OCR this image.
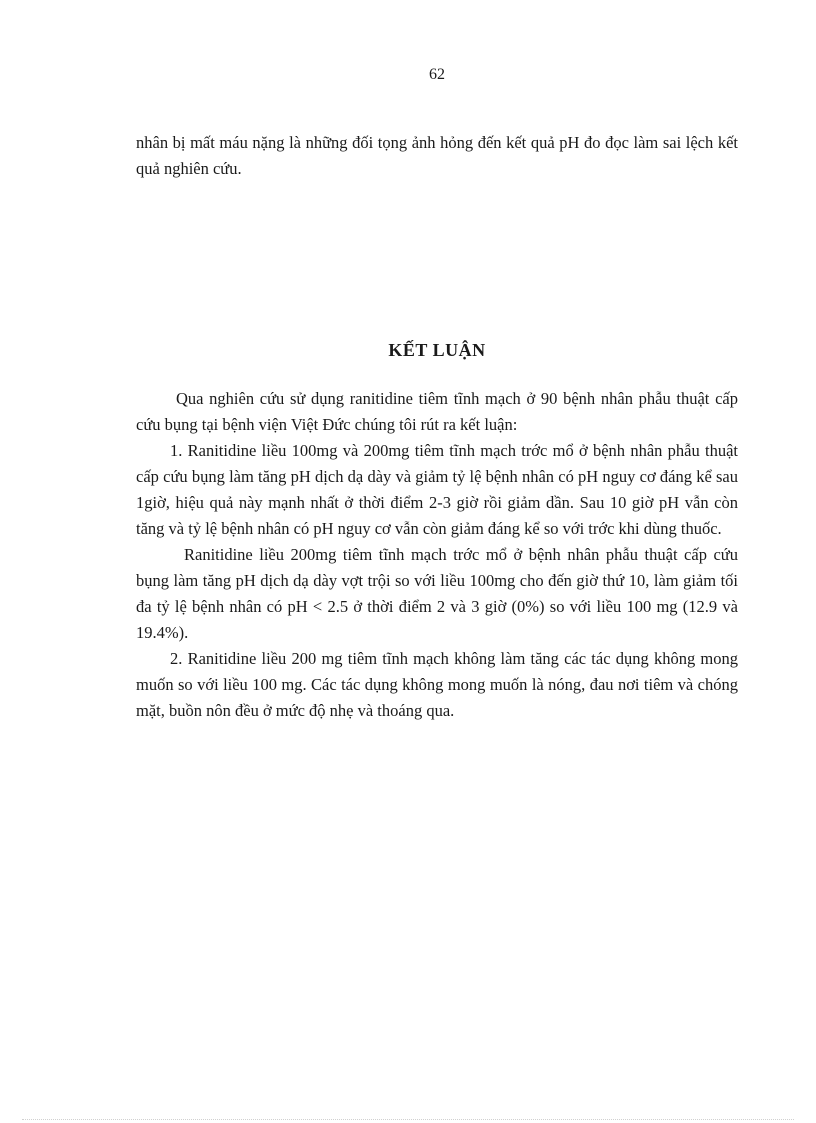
62
nhân bị mất máu nặng là những đối tọng ảnh hỏng đến kết quả pH đo đọc làm sai lệch kết quả nghiên cứu.
KẾT LUẬN

Qua nghiên cứu sử dụng ranitidine tiêm tĩnh mạch ở 90 bệnh nhân phẫu thuật cấp cứu bụng tại bệnh viện Việt Đức chúng tôi rút ra kết luận:

1. Ranitidine liều 100mg và 200mg tiêm tĩnh mạch trớc mổ ở bệnh nhân phẫu thuật cấp cứu bụng làm tăng pH dịch dạ dày và giảm tỷ lệ bệnh nhân có pH nguy cơ đáng kể sau 1giờ, hiệu quả này mạnh nhất ở thời điểm 2-3 giờ rồi giảm dần. Sau 10 giờ pH vẫn còn tăng và tỷ lệ bệnh nhân có pH nguy cơ vẫn còn giảm đáng kể so với trớc khi dùng thuốc.

Ranitidine liều 200mg tiêm tĩnh mạch trớc mổ ở bệnh nhân phẫu thuật cấp cứu bụng làm tăng pH dịch dạ dày vợt trội so với liều 100mg cho đến giờ thứ 10, làm giảm tối đa tỷ lệ bệnh nhân có pH < 2.5 ở thời điểm 2 và 3 giờ (0%) so với liều 100 mg (12.9 và 19.4%).

2. Ranitidine liều 200 mg tiêm tĩnh mạch không làm tăng các tác dụng không mong muốn so với liều 100 mg. Các tác dụng không mong muốn là nóng, đau nơi tiêm và chóng mặt, buồn nôn đều ở mức độ nhẹ và thoáng qua.
